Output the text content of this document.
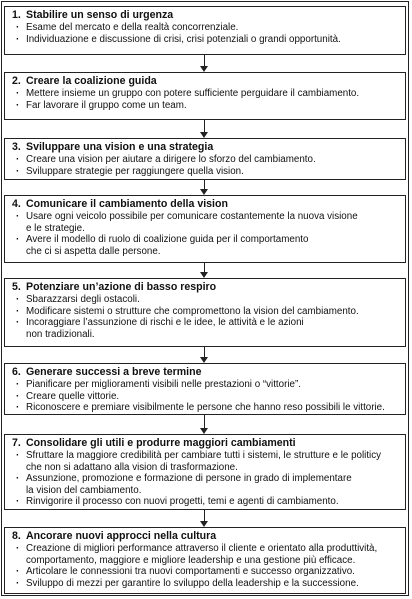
1. Stabilire un senso di urgenza
· Esame del mercato e della realtà concorrenziale.
· Individuazione e discussione di crisi, crisi potenziali o grandi opportunità.
2. Creare la coalizione guida
· Mettere insieme un gruppo con potere sufficiente perguidare il cambiamento.
· Far lavorare il gruppo come un team.
3. Sviluppare una vision e una strategia
· Creare una vision per aiutare a dirigere lo sforzo del cambiamento.
· Sviluppare strategie per raggiungere quella vision.
4. Comunicare il cambiamento della vision
· Usare ogni veicolo possibile per comunicare costantemente la nuova visione
e le strategie.
· Avere il modello di ruolo di coalizione guida per il comportamento
che ci si aspetta dalle persone.
5. Potenziare un’azione di basso respiro
· Sbarazzarsi degli ostacoli.
· Modificare sistemi o strutture che compromettono la vision del cambiamento.
· Incoraggiare l’assunzione di rischi e le idee, le attività e le azioni
non tradizionali.
6. Generare successi a breve termine
· Pianificare per miglioramenti visibili nelle prestazioni o “vittorie”.
· Creare quelle vittorie.
· Riconoscere e premiare visibilmente le persone che hanno reso possibili le vittorie.
7. Consolidare gli utili e produrre maggiori cambiamenti
· Sfruttare la maggiore credibilità per cambiare tutti i sistemi, le strutture e le politicy
che non si adattano alla vision di trasformazione.
· Assunzione, promozione e formazione di persone in grado di implementare
la vision del cambiamento.
· Rinvigorire il processo con nuovi progetti, temi e agenti di cambiamento.
8. Ancorare nuovi approcci nella cultura
· Creazione di migliori performance attraverso il cliente e orientato alla produttività,
comportamento, maggiore e migliore leadership e una gestione più efficace.
· Articolare le connessioni tra nuovi comportamenti e successo organizzativo.
· Sviluppo di mezzi per garantire lo sviluppo della leadership e la successione.
